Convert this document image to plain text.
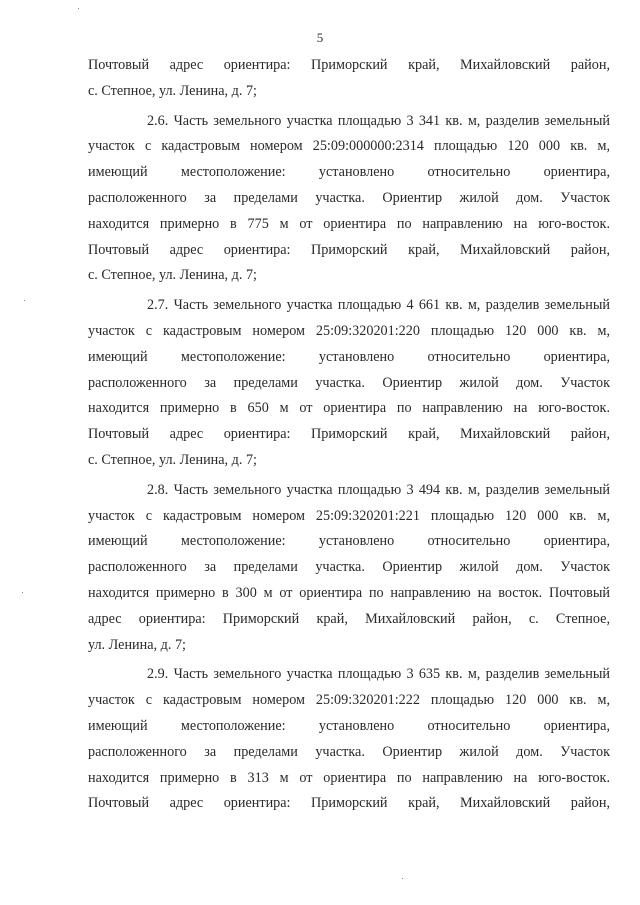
5
Почтовый адрес ориентира: Приморский край, Михайловский район,
с. Степное, ул. Ленина, д. 7;
2.6. Часть земельного участка площадью 3 341 кв. м, разделив земельный
участок с кадастровым номером 25:09:000000:2314 площадью 120 000 кв. м,
имеющий местоположение: установлено относительно ориентира,
расположенного за пределами участка. Ориентир жилой дом. Участок
находится примерно в 775 м от ориентира по направлению на юго-восток.
Почтовый адрес ориентира: Приморский край, Михайловский район,
с. Степное, ул. Ленина, д. 7;
2.7. Часть земельного участка площадью 4 661 кв. м, разделив земельный
участок с кадастровым номером 25:09:320201:220 площадью 120 000 кв. м,
имеющий местоположение: установлено относительно ориентира,
расположенного за пределами участка. Ориентир жилой дом. Участок
находится примерно в 650 м от ориентира по направлению на юго-восток.
Почтовый адрес ориентира: Приморский край, Михайловский район,
с. Степное, ул. Ленина, д. 7;
2.8. Часть земельного участка площадью 3 494 кв. м, разделив земельный
участок с кадастровым номером 25:09:320201:221 площадью 120 000 кв. м,
имеющий местоположение: установлено относительно ориентира,
расположенного за пределами участка. Ориентир жилой дом. Участок
находится примерно в 300 м от ориентира по направлению на восток. Почтовый
адрес ориентира: Приморский край, Михайловский район, с. Степное,
ул. Ленина, д. 7;
2.9. Часть земельного участка площадью 3 635 кв. м, разделив земельный
участок с кадастровым номером 25:09:320201:222 площадью 120 000 кв. м,
имеющий местоположение: установлено относительно ориентира,
расположенного за пределами участка. Ориентир жилой дом. Участок
находится примерно в 313 м от ориентира по направлению на юго-восток.
Почтовый адрес ориентира: Приморский край, Михайловский район,
